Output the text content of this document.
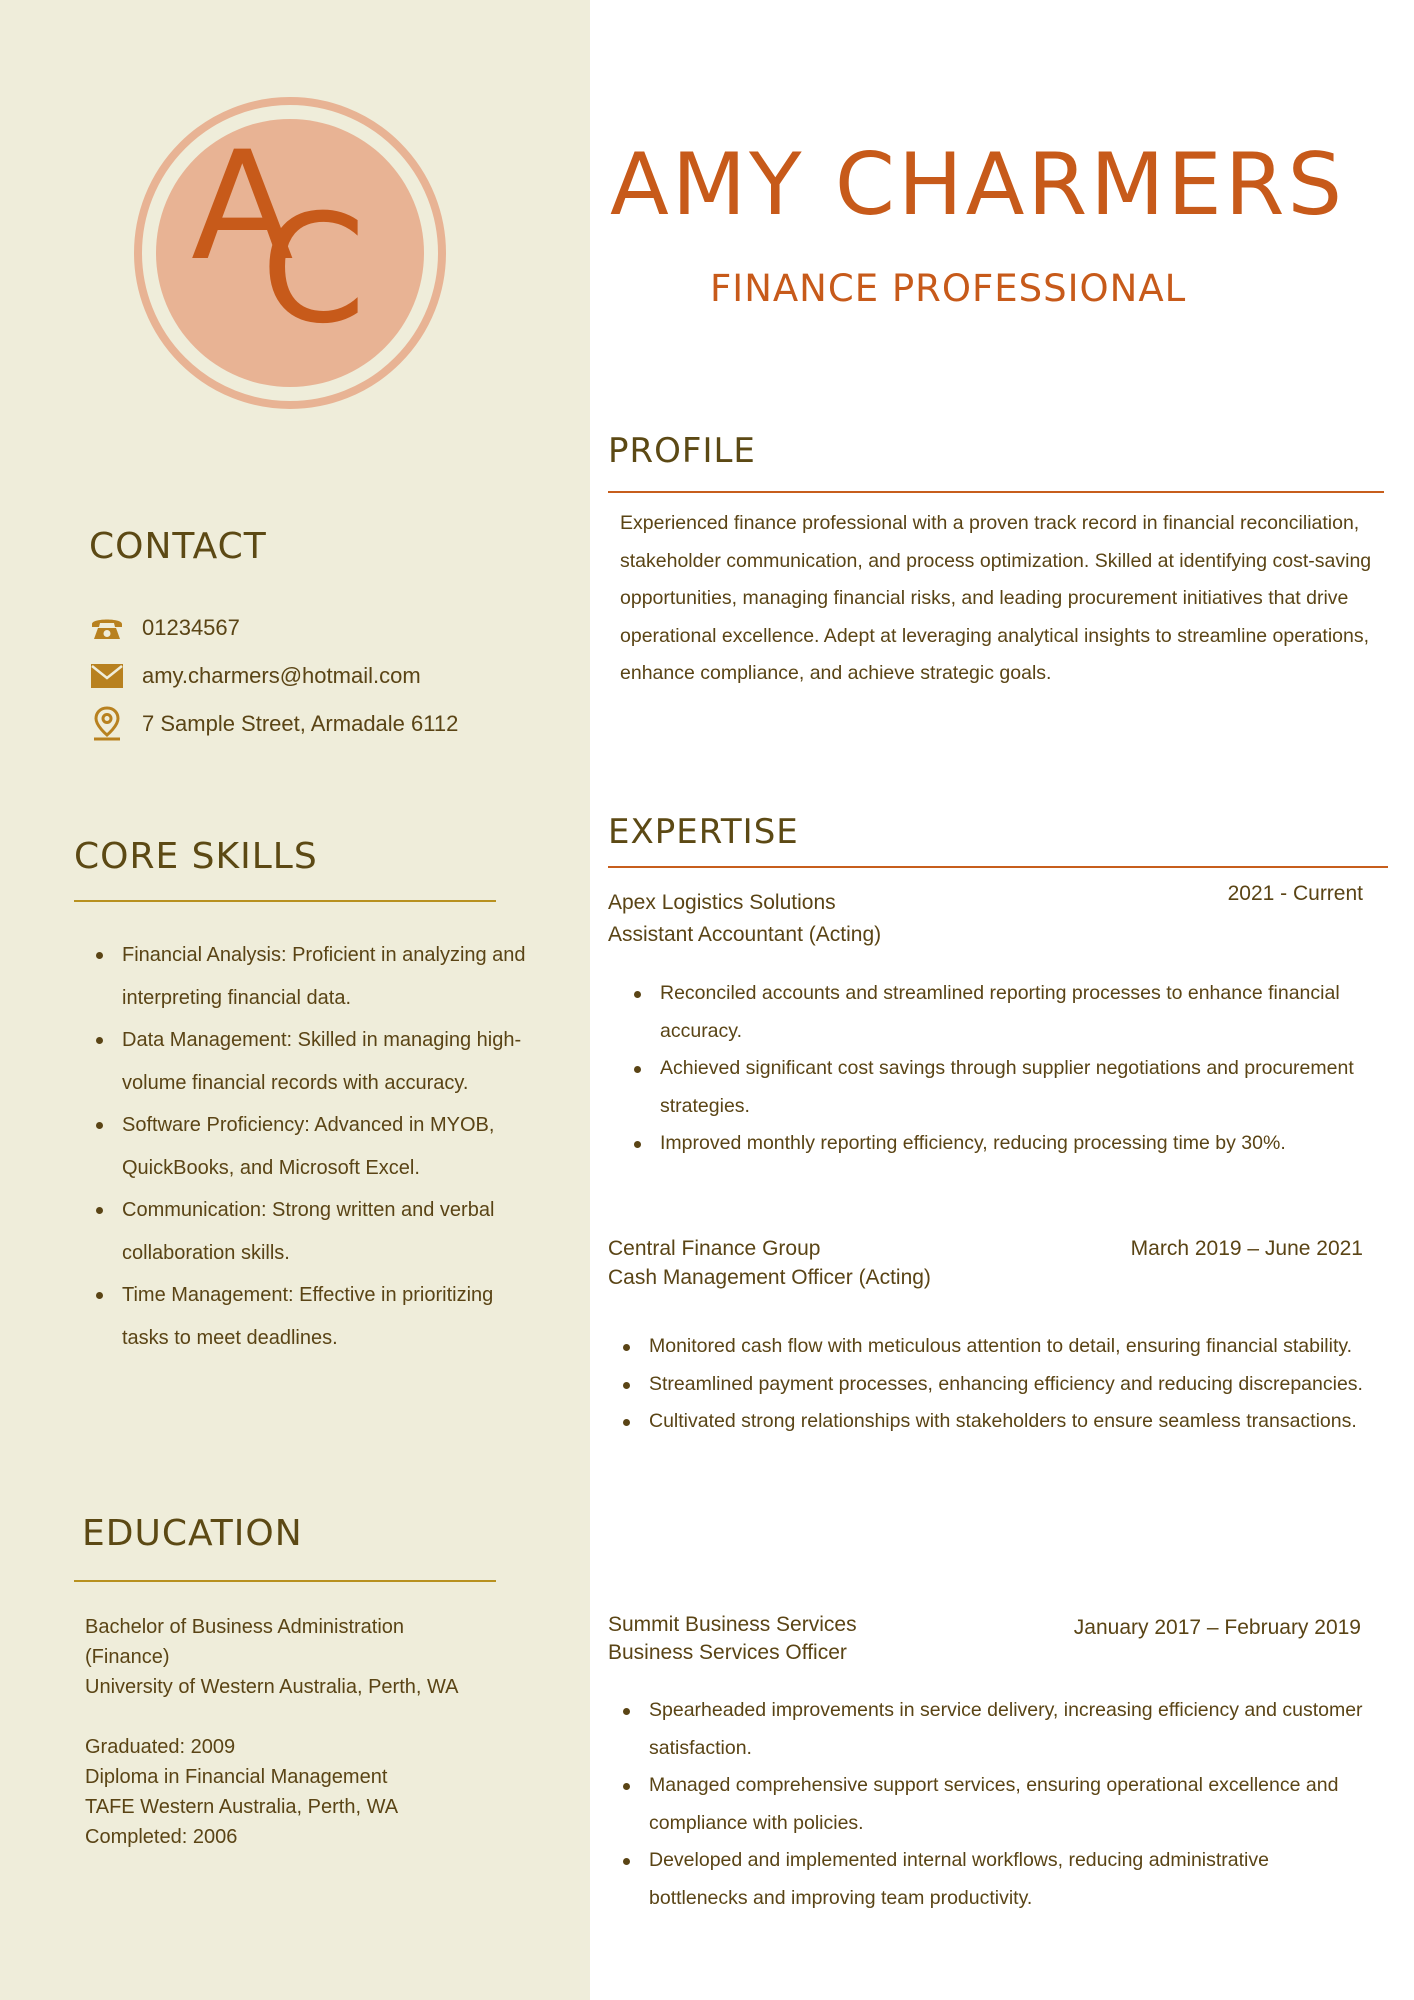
A
C	AMY CHARMERS
FINANCE PROFESSIONAL
CONTACT
01234567
amy.charmers@hotmail.com
7 Sample Street, Armadale 6112
CORE SKILLS
Financial Analysis: Proficient in analyzing and interpreting financial data.
Data Management: Skilled in managing high-volume financial records with accuracy.
Software Proficiency: Advanced in MYOB, QuickBooks, and Microsoft Excel.
Communication: Strong written and verbal collaboration skills.
Time Management: Effective in prioritizing tasks to meet deadlines.
EDUCATION
Bachelor of Business Administration
(Finance)
University of Western Australia, Perth, WA

Graduated: 2009
Diploma in Financial Management
TAFE Western Australia, Perth, WA
Completed: 2006
PROFILE
Experienced finance professional with a proven track record in financial reconciliation, stakeholder communication, and process optimization. Skilled at identifying cost-saving opportunities, managing financial risks, and leading procurement initiatives that drive operational excellence. Adept at leveraging analytical insights to streamline operations, enhance compliance, and achieve strategic goals.
EXPERTISE
Apex Logistics Solutions
Assistant Accountant (Acting)
2021 - Current
Reconciled accounts and streamlined reporting processes to enhance financial accuracy.
Achieved significant cost savings through supplier negotiations and procurement strategies.
Improved monthly reporting efficiency, reducing processing time by 30%.
Central Finance Group
Cash Management Officer (Acting)
March 2019 – June 2021
Monitored cash flow with meticulous attention to detail, ensuring financial stability.
Streamlined payment processes, enhancing efficiency and reducing discrepancies.
Cultivated strong relationships with stakeholders to ensure seamless transactions.
Summit Business Services
Business Services Officer
January 2017 – February 2019
Spearheaded improvements in service delivery, increasing efficiency and customer satisfaction.
Managed comprehensive support services, ensuring operational excellence and compliance with policies.
Developed and implemented internal workflows, reducing administrative bottlenecks and improving team productivity.
